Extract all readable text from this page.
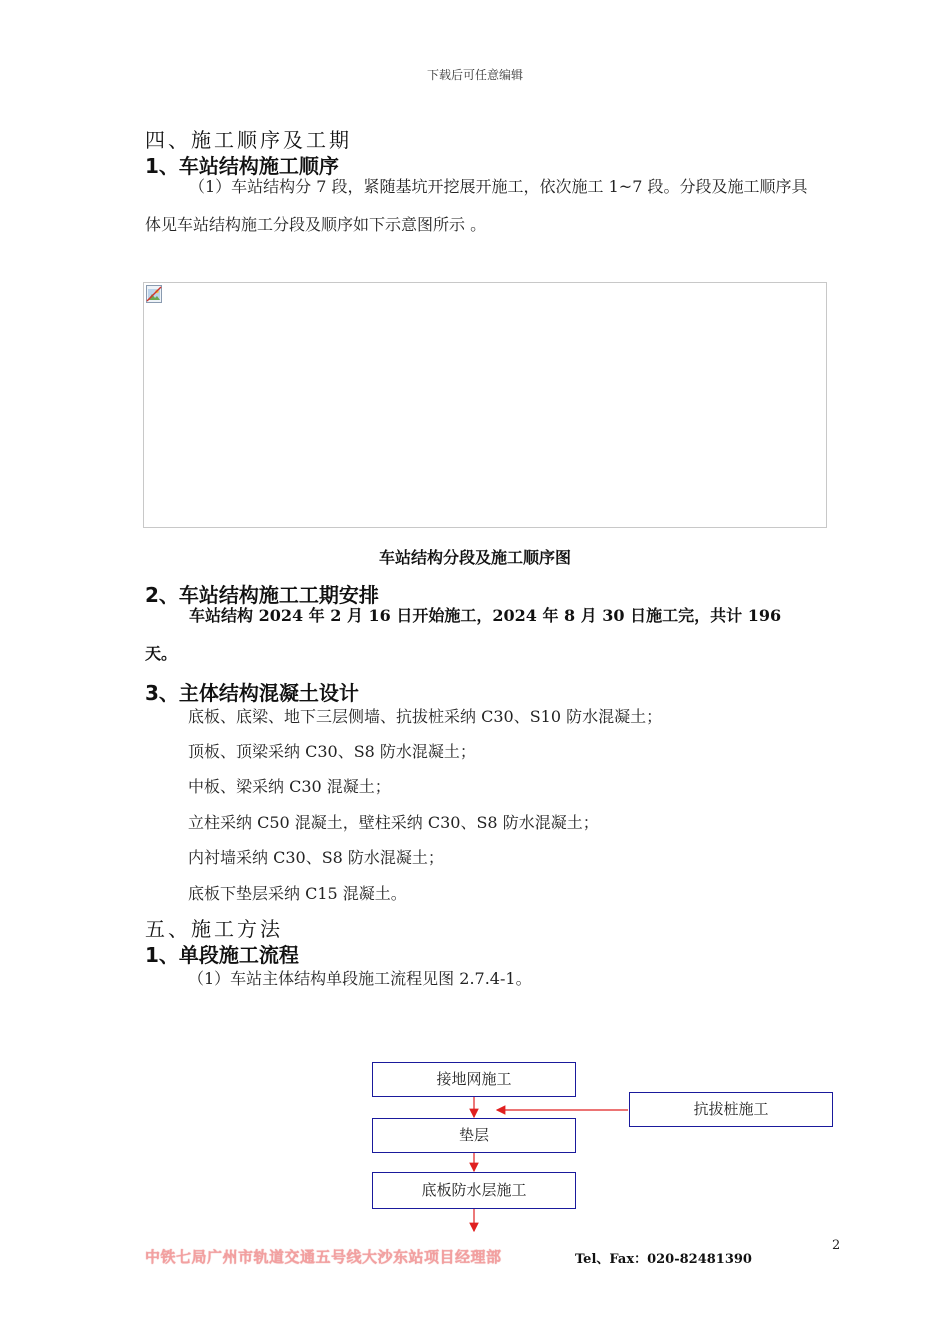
下载后可任意编辑
四、施工顺序及工期
1、车站结构施工顺序
（1）车站结构分 7 段，紧随基坑开挖展开施工，依次施工 1~7 段。分段及施工顺序具体见车站结构施工分段及顺序如下示意图所示 。
车站结构分段及施工顺序图
2、车站结构施工工期安排
车站结构 2024 年 2 月 16 日开始施工，2024 年 8 月 30 日施工完，共计 196 天。
3、主体结构混凝土设计
底板、底梁、地下三层侧墙、抗拔桩采纳 C30、S10 防水混凝土；
顶板、顶梁采纳 C30、S8 防水混凝土；
中板、梁采纳 C30 混凝土；
立柱采纳 C50 混凝土，壁柱采纳 C30、S8 防水混凝土；
内衬墙采纳 C30、S8 防水混凝土；
底板下垫层采纳 C15 混凝土。
五、施工方法
1、单段施工流程
（1）车站主体结构单段施工流程见图 2.7.4-1。
接地网施工
垫层
底板防水层施工
抗拔桩施工
2
中铁七局广州市轨道交通五号线大沙东站项目经理部	Tel、Fax：020-82481390
